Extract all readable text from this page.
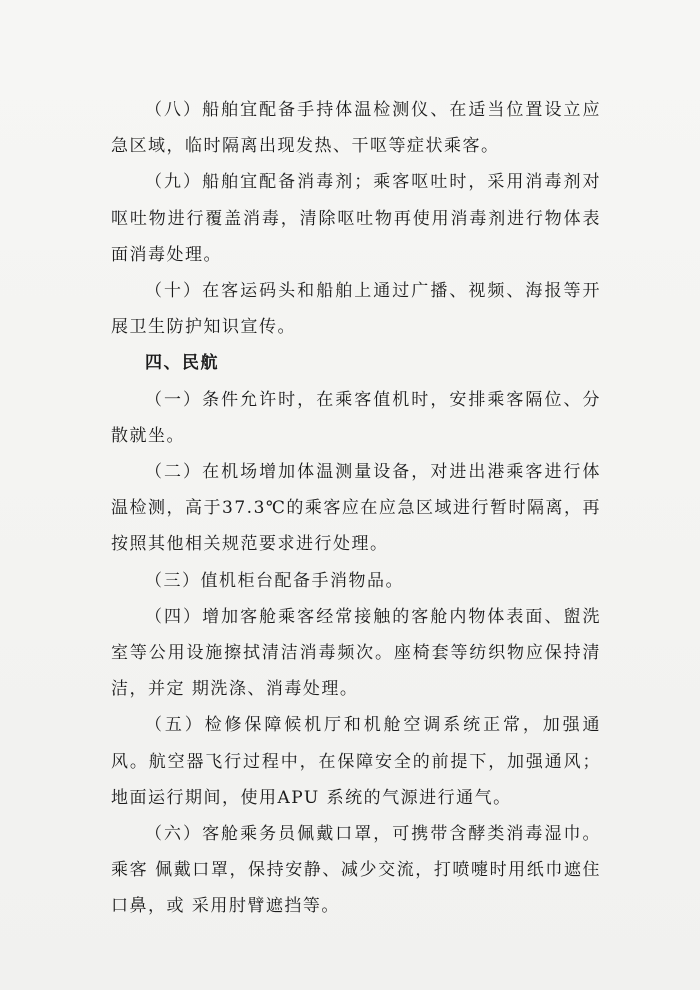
（八）船舶宜配备手持体温检测仪、在适当位置设立应急区域，临时隔离出现发热、干呕等症状乘客。

（九）船舶宜配备消毒剂；乘客呕吐时，采用消毒剂对呕吐物进行覆盖消毒，清除呕吐物再使用消毒剂进行物体表面消毒处理。

（十）在客运码头和船舶上通过广播、视频、海报等开展卫生防护知识宣传。

四、民航

（一）条件允许时，在乘客值机时，安排乘客隔位、分散就坐。

（二）在机场增加体温测量设备，对进出港乘客进行体温检测，高于37.3℃的乘客应在应急区域进行暂时隔离，再按照其他相关规范要求进行处理。

（三）值机柜台配备手消物品。

（四）增加客舱乘客经常接触的客舱内物体表面、盥洗室等公用设施擦拭清洁消毒频次。座椅套等纺织物应保持清洁，并定 期洗涤、消毒处理。

（五）检修保障候机厅和机舱空调系统正常，加强通风。航空器飞行过程中，在保障安全的前提下，加强通风；地面运行期间，使用APU 系统的气源进行通气。

（六）客舱乘务员佩戴口罩，可携带含酵类消毒湿巾。乘客 佩戴口罩，保持安静、减少交流，打喷嚏时用纸巾遮住口鼻，或 采用肘臂遮挡等。
